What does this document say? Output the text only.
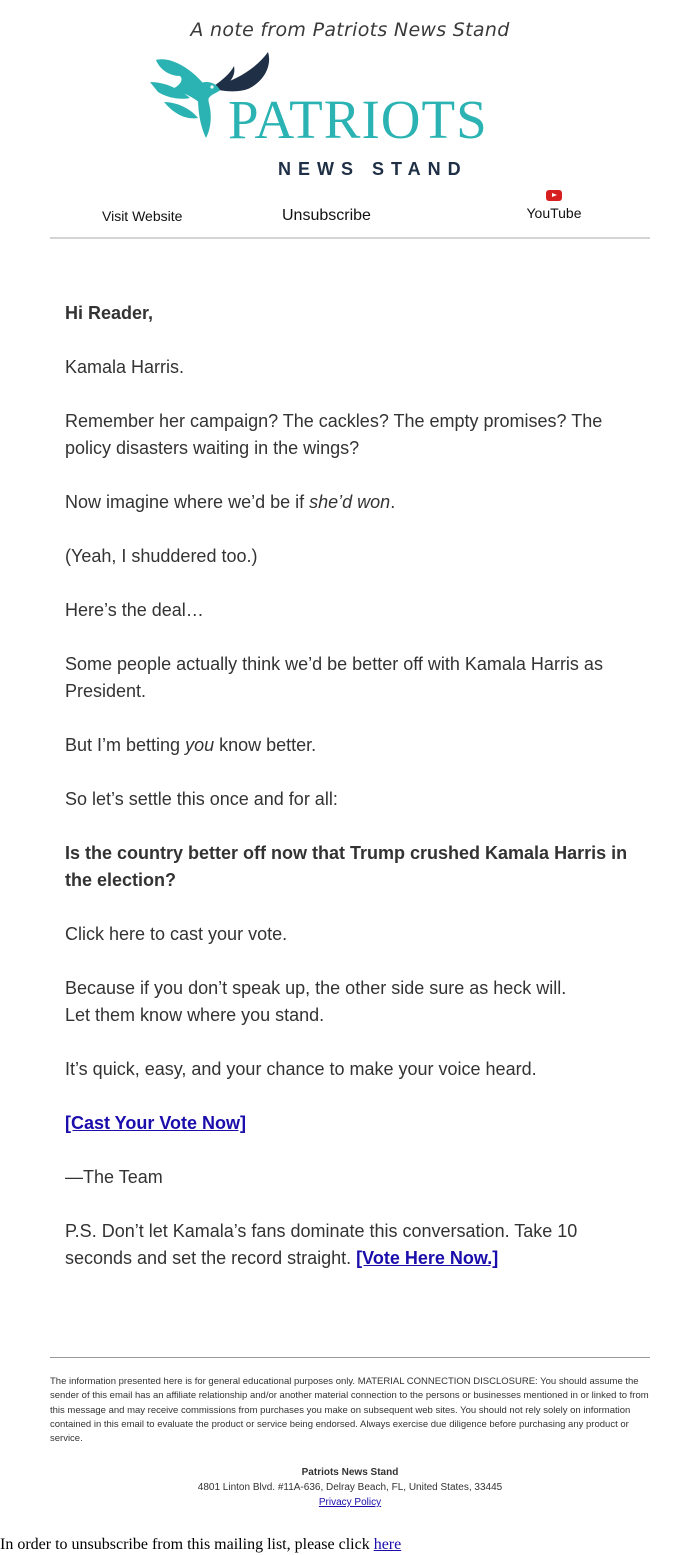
A note from Patriots News Stand
PATRIOTS
NEWS STAND
Visit Website	Unsubscribe	YouTube

Hi Reader,

Kamala Harris.

Remember her campaign? The cackles? The empty promises? The policy disasters waiting in the wings?

Now imagine where we’d be if she’d won.

(Yeah, I shuddered too.)

Here’s the deal…

Some people actually think we’d be better off with Kamala Harris as President.

But I’m betting you know better.

So let’s settle this once and for all:

Is the country better off now that Trump crushed Kamala Harris in the election?

Click here to cast your vote.

Because if you don’t speak up, the other side sure as heck will.
Let them know where you stand.

It’s quick, easy, and your chance to make your voice heard.

[Cast Your Vote Now]

—The Team

P.S. Don’t let Kamala’s fans dominate this conversation. Take 10 seconds and set the record straight. [Vote Here Now.]

The information presented here is for general educational purposes only. MATERIAL CONNECTION DISCLOSURE: You should assume the sender of this email has an affiliate relationship and/or another material connection to the persons or businesses mentioned in or linked to from this message and may receive commissions from purchases you make on subsequent web sites. You should not rely solely on information contained in this email to evaluate the product or service being endorsed. Always exercise due diligence before purchasing any product or service.
Patriots News Stand
4801 Linton Blvd. #11A-636, Delray Beach, FL, United States, 33445
Privacy Policy
In order to unsubscribe from this mailing list, please click here
